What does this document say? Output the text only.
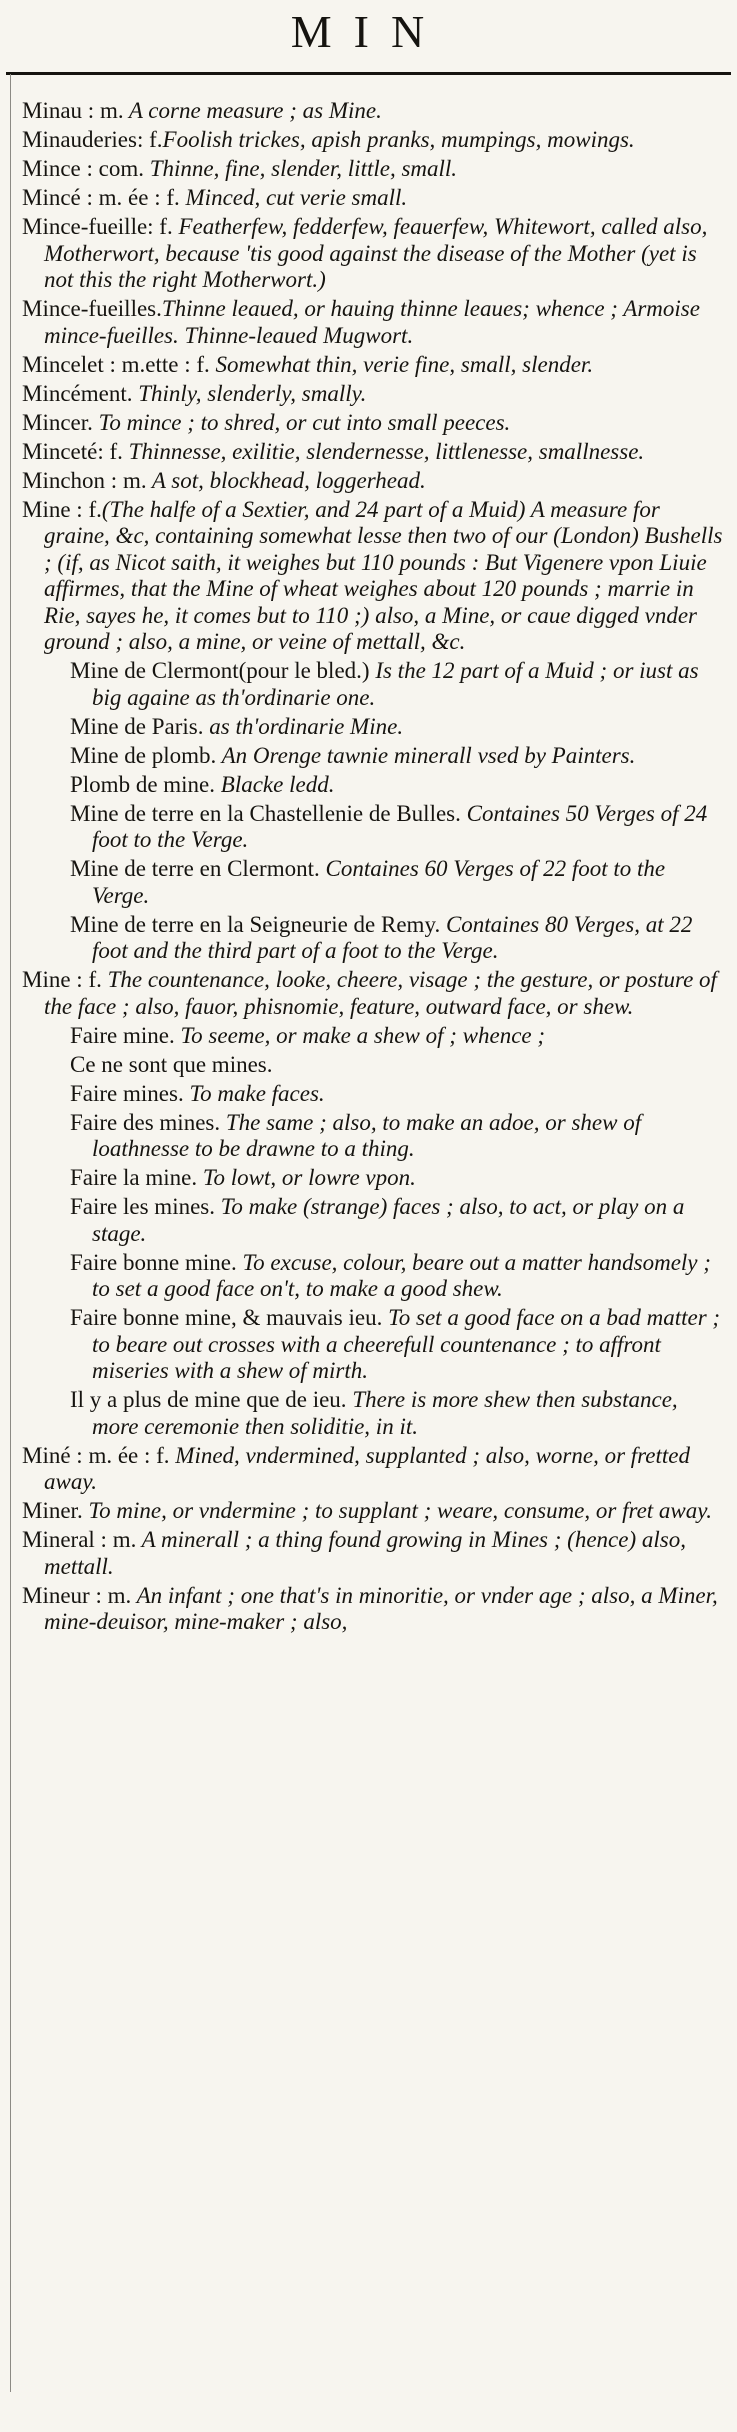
MIN

Minau : m. A corne measure ; as Mine.

Minauderies: f.Foolish trickes, apish pranks, mumpings, mowings.

Mince : com. Thinne, fine, slender, little, small.

Mincé : m. ée : f. Minced, cut verie small.

Mince-fueille: f. Featherfew, fedderfew, feauerfew, Whitewort, called also, Motherwort, because 'tis good against the disease of the Mother (yet is not this the right Motherwort.)

Mince-fueilles.Thinne leaued, or hauing thinne leaues; whence ; Armoise mince-fueilles. Thinne-leaued Mugwort.

Mincelet : m.ette : f. Somewhat thin, verie fine, small, slender.

Mincément. Thinly, slenderly, smally.

Mincer. To mince ; to shred, or cut into small peeces.

Minceté: f. Thinnesse, exilitie, slendernesse, littlenesse, smallnesse.

Minchon : m. A sot, blockhead, loggerhead.

Mine : f.(The halfe of a Sextier, and 24 part of a Muid) A measure for graine, &c, containing somewhat lesse then two of our (London) Bushells ; (if, as Nicot saith, it weighes but 110 pounds : But Vigenere vpon Liuie affirmes, that the Mine of wheat weighes about 120 pounds ; marrie in Rie, sayes he, it comes but to 110 ;) also, a Mine, or caue digged vnder ground ; also, a mine, or veine of mettall, &c.

Mine de Clermont(pour le bled.) Is the 12 part of a Muid ; or iust as big againe as th'ordinarie one.

Mine de Paris. as th'ordinarie Mine.

Mine de plomb. An Orenge tawnie minerall vsed by Painters.

Plomb de mine. Blacke ledd.

Mine de terre en la Chastellenie de Bulles. Containes 50 Verges of 24 foot to the Verge.

Mine de terre en Clermont. Containes 60 Verges of 22 foot to the Verge.

Mine de terre en la Seigneurie de Remy. Containes 80 Verges, at 22 foot and the third part of a foot to the Verge.

Mine : f. The countenance, looke, cheere, visage ; the gesture, or posture of the face ; also, fauor, phisnomie, feature, outward face, or shew.

Faire mine. To seeme, or make a shew of ; whence ;

Ce ne sont que mines.

Faire mines. To make faces.

Faire des mines. The same ; also, to make an adoe, or shew of loathnesse to be drawne to a thing.

Faire la mine. To lowt, or lowre vpon.

Faire les mines. To make (strange) faces ; also, to act, or play on a stage.

Faire bonne mine. To excuse, colour, beare out a matter handsomely ; to set a good face on't, to make a good shew.

Faire bonne mine, & mauvais ieu. To set a good face on a bad matter ; to beare out crosses with a cheerefull countenance ; to affront miseries with a shew of mirth.

Il y a plus de mine que de ieu. There is more shew then substance, more ceremonie then soliditie, in it.

Miné : m. ée : f. Mined, vndermined, supplanted ; also, worne, or fretted away.

Miner. To mine, or vndermine ; to supplant ; weare, consume, or fret away.

Mineral : m. A minerall ; a thing found growing in Mines ; (hence) also, mettall.

Mineur : m. An infant ; one that's in minoritie, or vnder age ; also, a Miner, mine-deuisor, mine-maker ; also,
